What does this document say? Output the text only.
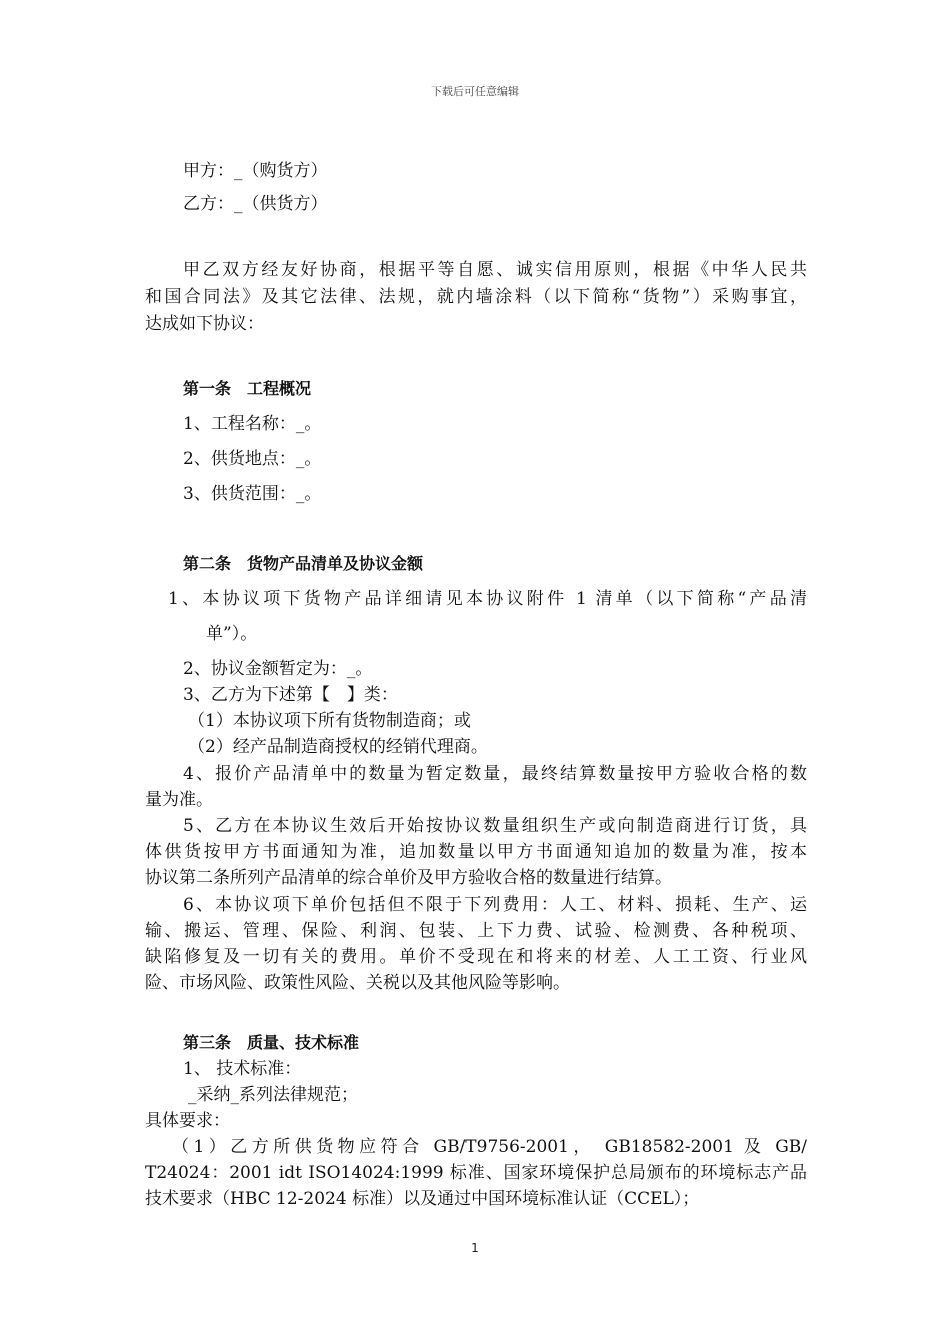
下载后可任意编辑
甲方：_（购货方）
乙方：_（供货方）
甲乙双方经友好协商，根据平等自愿、诚实信用原则，根据《中华人民共
和国合同法》及其它法律、法规，就内墙涂料（以下简称“货物”）采购事宜，
达成如下协议：
第一条　工程概况
1、工程名称：_。
2、供货地点：_。
3、供货范围：_。
第二条　货物产品清单及协议金额
1、本协议项下货物产品详细请见本协议附件 1 清单（以下简称“产品清
单”）。
2、协议金额暂定为：_。
3、乙方为下述第【　】类：
（1）本协议项下所有货物制造商；或
（2）经产品制造商授权的经销代理商。
4、报价产品清单中的数量为暂定数量，最终结算数量按甲方验收合格的数
量为准。
5、乙方在本协议生效后开始按协议数量组织生产或向制造商进行订货，具
体供货按甲方书面通知为准，追加数量以甲方书面通知追加的数量为准，按本
协议第二条所列产品清单的综合单价及甲方验收合格的数量进行结算。
6、本协议项下单价包括但不限于下列费用：人工、材料、损耗、生产、运
输、搬运、管理、保险、利润、包装、上下力费、试验、检测费、各种税项、
缺陷修复及一切有关的费用。单价不受现在和将来的材差、人工工资、行业风
险、市场风险、政策性风险、关税以及其他风险等影响。
第三条　质量、技术标准
1、 技术标准：
_采纳_系列法律规范；
具体要求：
（1）乙方所供货物应符合 GB/T9756-2001， GB18582-2001 及 GB/
T24024：2001 idt ISO14024:1999 标准、国家环境保护总局颁布的环境标志产品
技术要求（HBC 12-2024 标准）以及通过中国环境标准认证（CCEL）；
1
